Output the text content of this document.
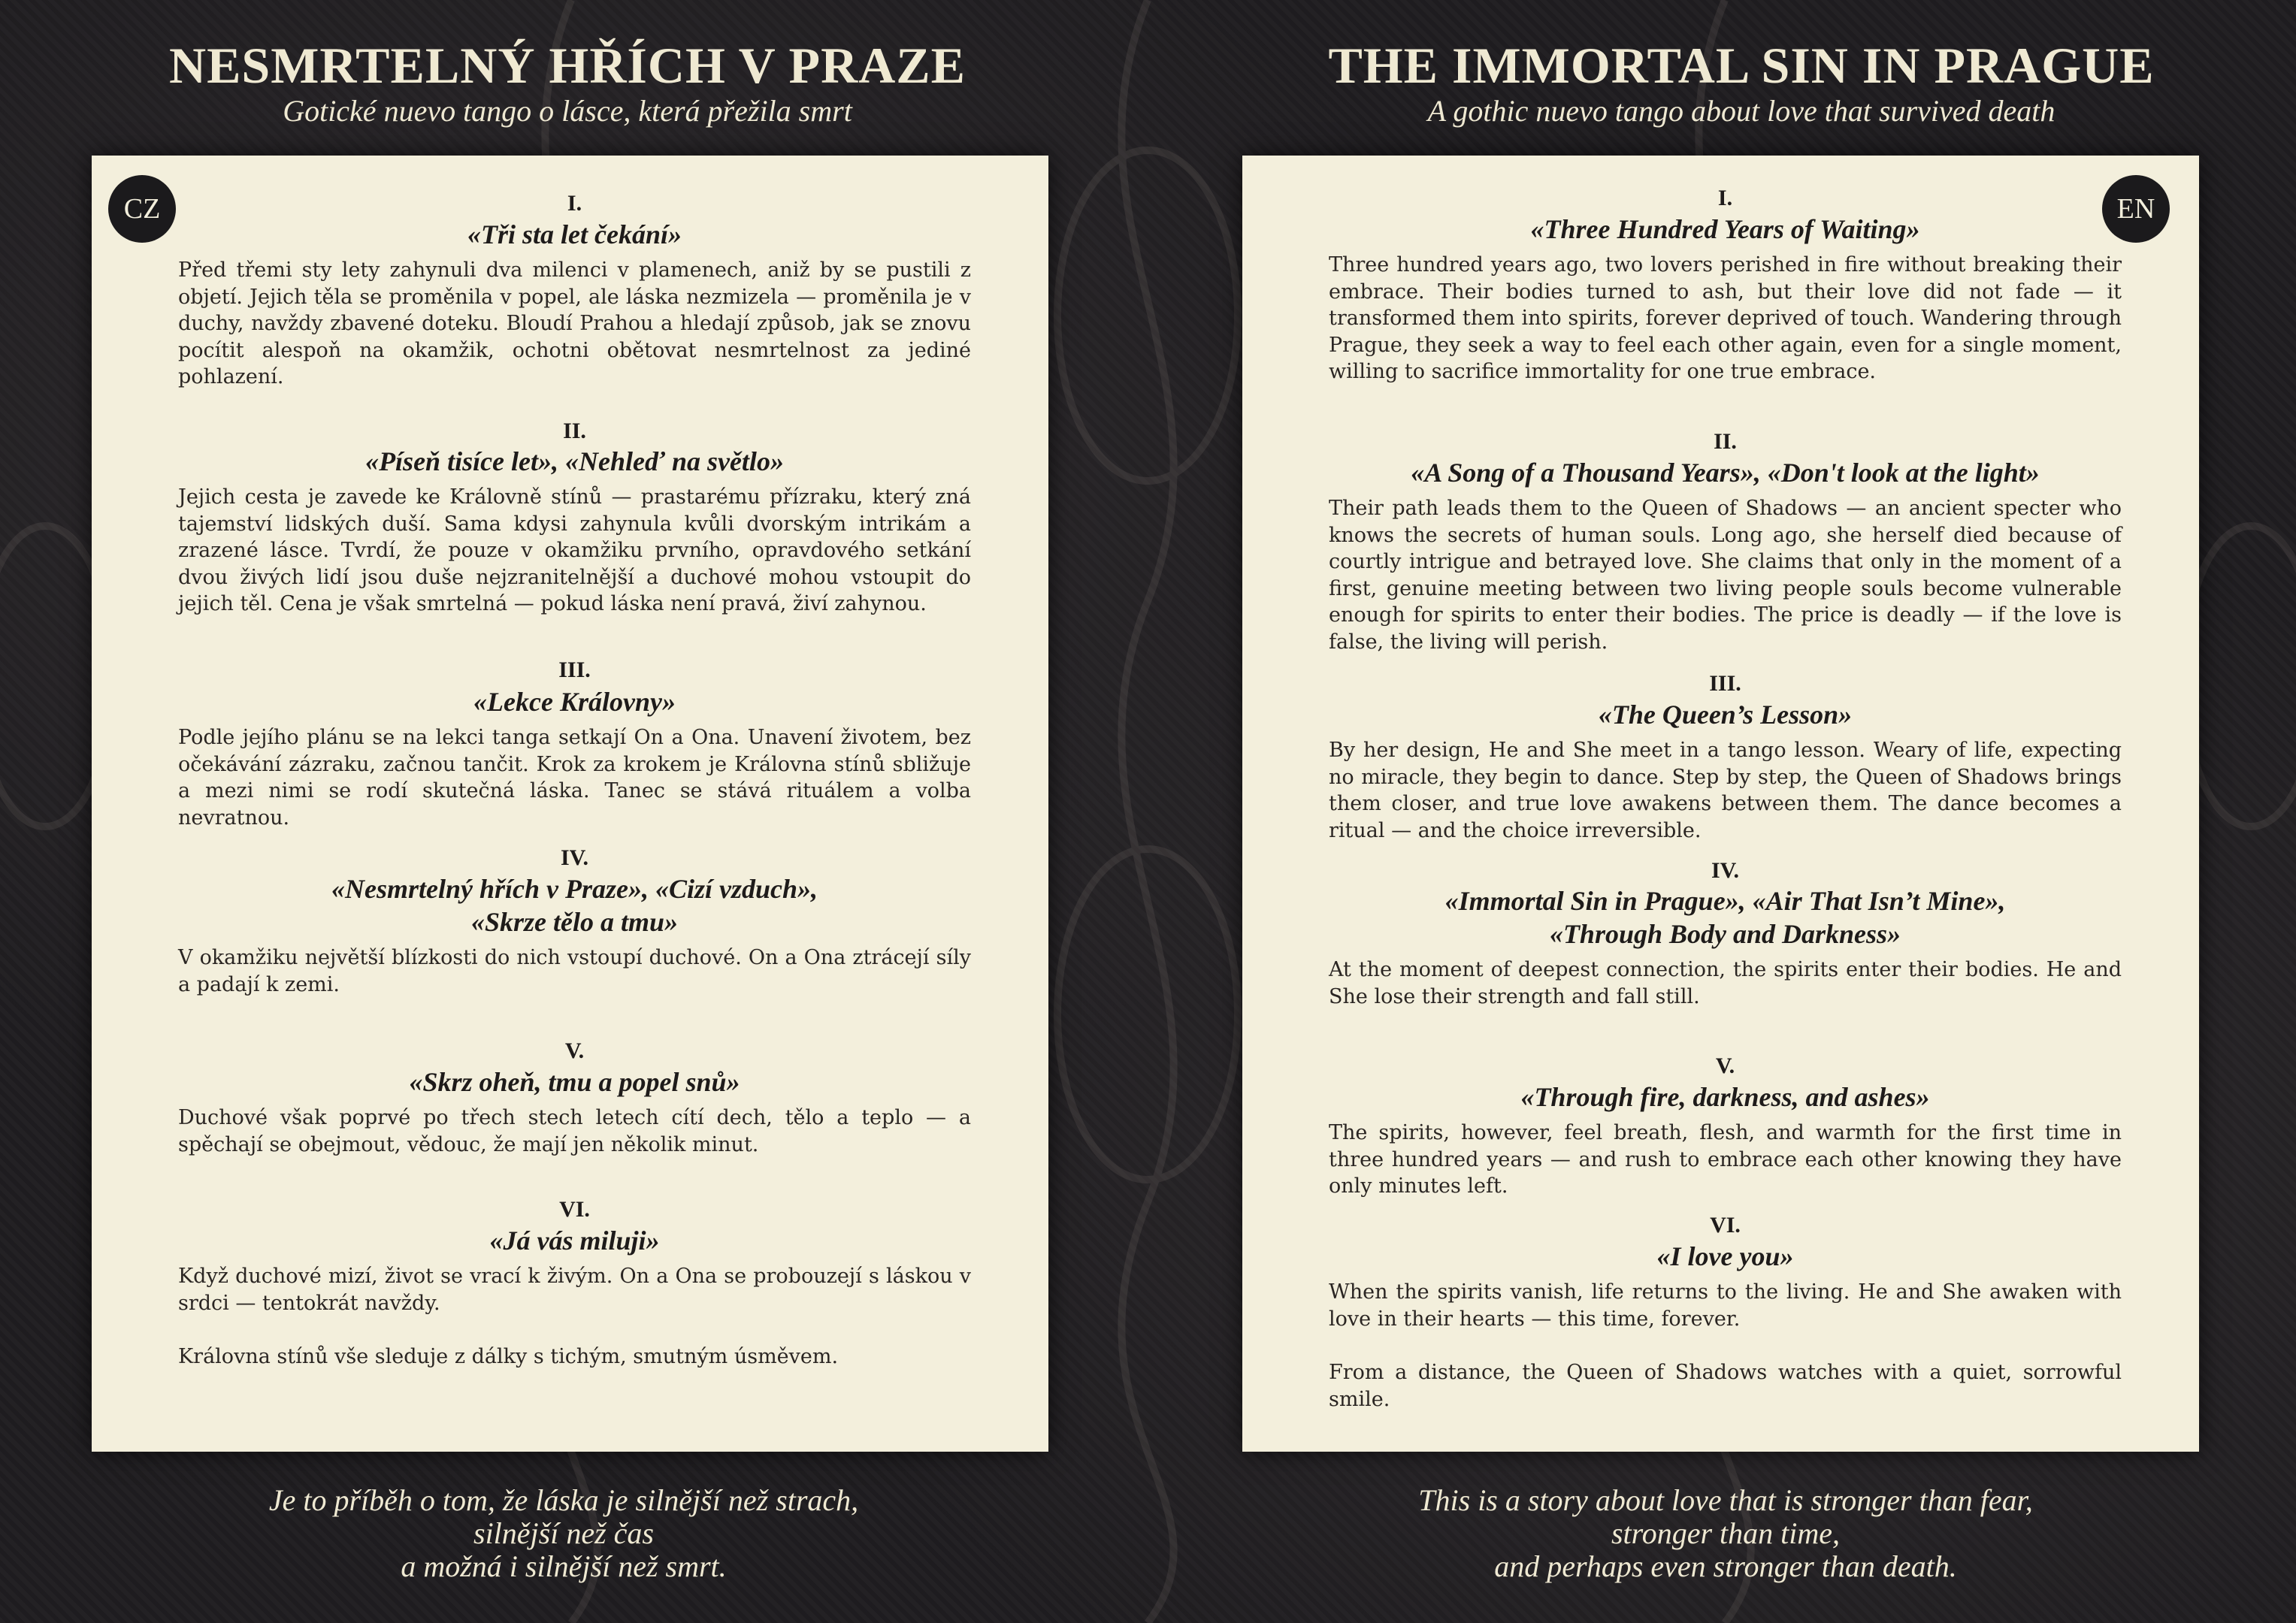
NESMRTELNÝ HŘÍCH V PRAZE
Gotické nuevo tango o lásce, která přežila smrt
THE IMMORTAL SIN IN PRAGUE
A gothic nuevo tango about love that survived death
CZ	EN
I.
«Tři sta let čekání»

Před třemi sty lety zahynuli dva milenci v plamenech, aniž by se pustili z objetí. Jejich těla se proměnila v popel, ale láska nezmizela — proměnila je v duchy, navždy zbavené doteku. Bloudí Prahou a hledají způsob, jak se znovu pocítit alespoň na okamžik, ochotni obětovat nesmrtelnost za jediné pohlazení.

II.
«Píseň tisíce let», «Nehleď na světlo»

Jejich cesta je zavede ke Královně stínů — prastarému přízraku, který zná tajemství lidských duší. Sama kdysi zahynula kvůli dvorským intrikám a zrazené lásce. Tvrdí, že pouze v okamžiku prvního, opravdového setkání dvou živých lidí jsou duše nejzranitelnější a duchové mohou vstoupit do jejich těl. Cena je však smrtelná — pokud láska není pravá, živí zahynou.

III.
«Lekce Královny»

Podle jejího plánu se na lekci tanga setkají On a Ona. Unavení životem, bez očekávání zázraku, začnou tančit. Krok za krokem je Královna stínů sbližuje a mezi nimi se rodí skutečná láska. Tanec se stává rituálem a volba nevratnou.

IV.
«Nesmrtelný hřích v Praze», «Cizí vzduch»,
«Skrze tělo a tmu»

V okamžiku největší blízkosti do nich vstoupí duchové. On a Ona ztrácejí síly a padají k zemi.

V.
«Skrz oheň, tmu a popel snů»

Duchové však poprvé po třech stech letech cítí dech, tělo a teplo — a spěchají se obejmout, vědouc, že mají jen několik minut.

VI.
«Já vás miluji»

Když duchové mizí, život se vrací k živým. On a Ona se probouzejí s láskou v srdci — tentokrát navždy.

Královna stínů vše sleduje z dálky s tichým, smutným úsměvem.

I.
«Three Hundred Years of Waiting»

Three hundred years ago, two lovers perished in fire without breaking their embrace. Their bodies turned to ash, but their love did not fade — it transformed them into spirits, forever deprived of touch. Wandering through Prague, they seek a way to feel each other again, even for a single moment, willing to sacrifice immortality for one true embrace.

II.
«A Song of a Thousand Years», «Don't look at the light»

Their path leads them to the Queen of Shadows — an ancient specter who knows the secrets of human souls. Long ago, she herself died because of courtly intrigue and betrayed love. She claims that only in the moment of a first, genuine meeting between two living people souls become vulnerable enough for spirits to enter their bodies. The price is deadly — if the love is false, the living will perish.

III.
«The Queen’s Lesson»

By her design, He and She meet in a tango lesson. Weary of life, expecting no miracle, they begin to dance. Step by step, the Queen of Shadows brings them closer, and true love awakens between them. The dance becomes a ritual — and the choice irreversible.

IV.
«Immortal Sin in Prague», «Air That Isn’t Mine»,
«Through Body and Darkness»

At the moment of deepest connection, the spirits enter their bodies. He and She lose their strength and fall still.

V.
«Through fire, darkness, and ashes»

The spirits, however, feel breath, flesh, and warmth for the first time in three hundred years — and rush to embrace each other knowing they have only minutes left.

VI.
«I love you»

When the spirits vanish, life returns to the living. He and She awaken with love in their hearts — this time, forever.

From a distance, the Queen of Shadows watches with a quiet, sorrowful smile.

Je to příběh o tom, že láska je silnější než strach,
silnější než čas
a možná i silnější než smrt.
This is a story about love that is stronger than fear,
stronger than time,
and perhaps even stronger than death.
